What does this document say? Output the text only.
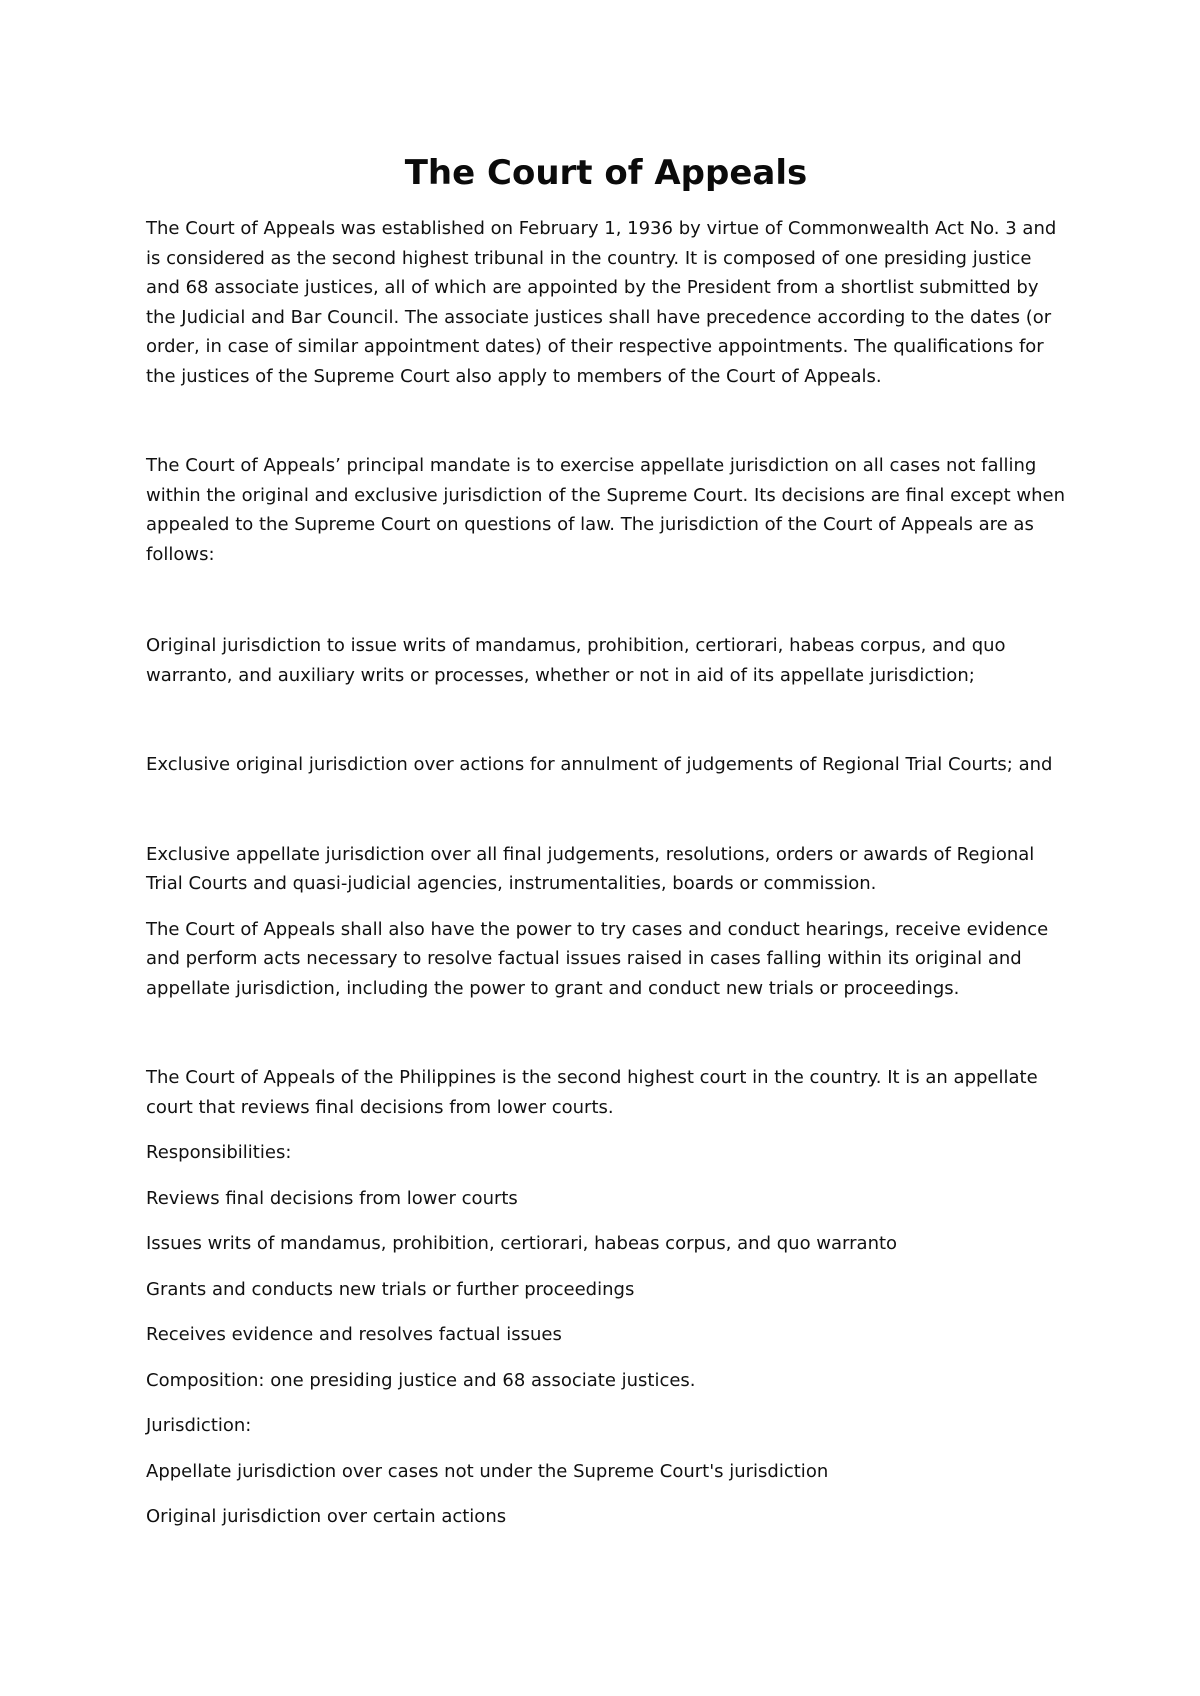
The Court of Appeals

The Court of Appeals was established on February 1, 1936 by virtue of Commonwealth Act No. 3 and is considered as the second highest tribunal in the country. It is composed of one presiding justice and 68 associate justices, all of which are appointed by the President from a shortlist submitted by the Judicial and Bar Council. The associate justices shall have precedence according to the dates (or order, in case of similar appointment dates) of their respective appointments. The qualifications for the justices of the Supreme Court also apply to members of the Court of Appeals.

The Court of Appeals’ principal mandate is to exercise appellate jurisdiction on all cases not falling within the original and exclusive jurisdiction of the Supreme Court. Its decisions are final except when appealed to the Supreme Court on questions of law. The jurisdiction of the Court of Appeals are as follows:

Original jurisdiction to issue writs of mandamus, prohibition, certiorari, habeas corpus, and quo warranto, and auxiliary writs or processes, whether or not in aid of its appellate jurisdiction;

Exclusive original jurisdiction over actions for annulment of judgements of Regional Trial Courts; and

Exclusive appellate jurisdiction over all final judgements, resolutions, orders or awards of Regional Trial Courts and quasi-judicial agencies, instrumentalities, boards or commission.

The Court of Appeals shall also have the power to try cases and conduct hearings, receive evidence and perform acts necessary to resolve factual issues raised in cases falling within its original and appellate jurisdiction, including the power to grant and conduct new trials or proceedings.

The Court of Appeals of the Philippines is the second highest court in the country. It is an appellate court that reviews final decisions from lower courts.

Responsibilities:

Reviews final decisions from lower courts

Issues writs of mandamus, prohibition, certiorari, habeas corpus, and quo warranto

Grants and conducts new trials or further proceedings

Receives evidence and resolves factual issues

Composition: one presiding justice and 68 associate justices.

Jurisdiction:

Appellate jurisdiction over cases not under the Supreme Court's jurisdiction

Original jurisdiction over certain actions
